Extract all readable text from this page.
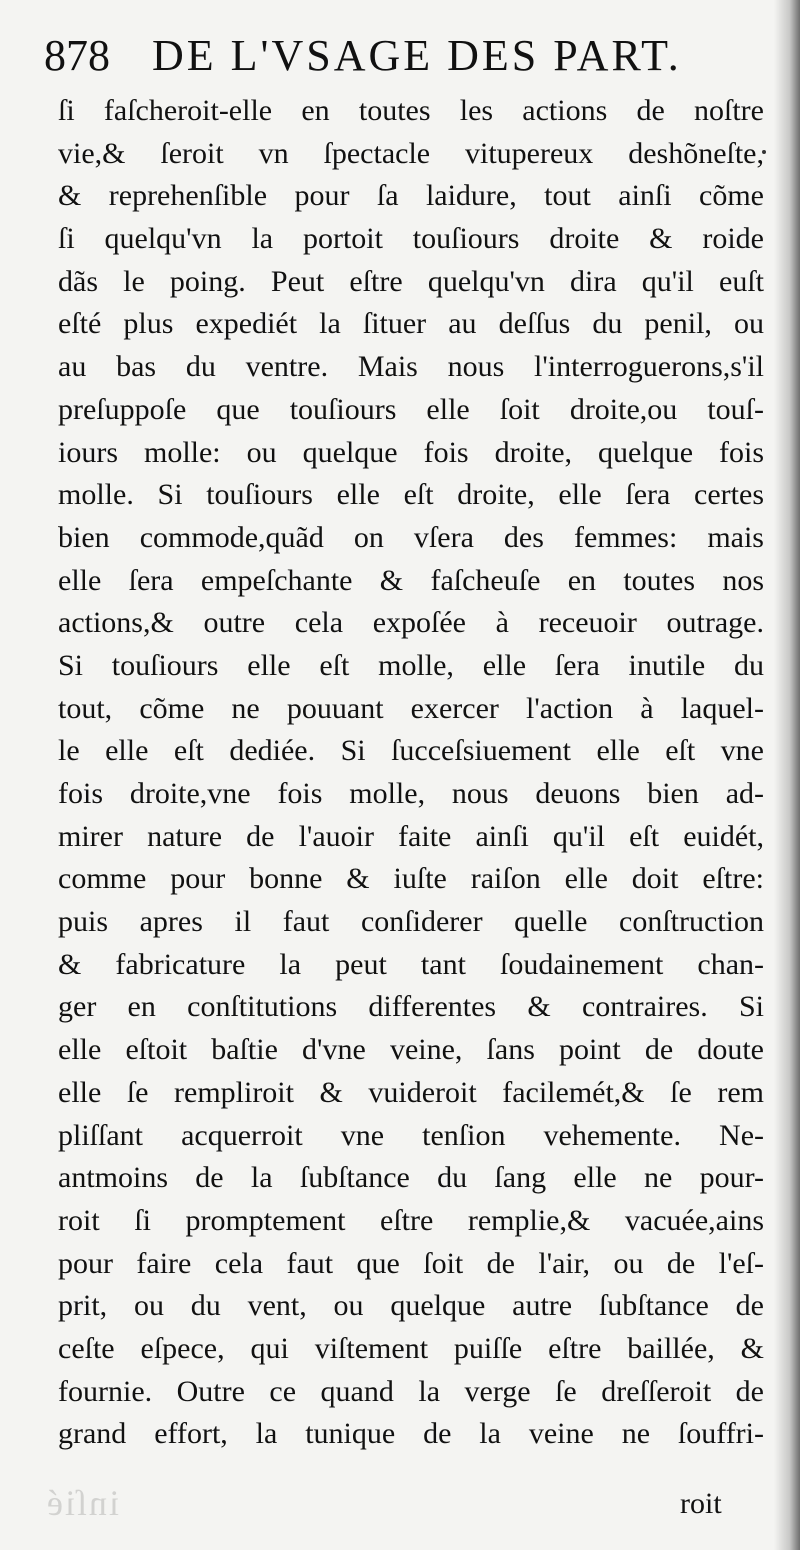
878 DE L'VSAGE DES PART.
ſi faſcheroit-elle en toutes les actions de noſtre
vie,& ſeroit vn ſpectacle vitupereux deshõneſte,
& reprehenſible pour ſa laidure, tout ainſi cõme
ſi quelqu'vn la portoit touſiours droite & roide
dãs le poing. Peut eſtre quelqu'vn dira qu'il euſt
eſté plus expediét la ſituer au deſſus du penil, ou
au bas du ventre. Mais nous l'interroguerons,s'il
preſuppoſe que touſiours elle ſoit droite,ou touſ-
iours molle: ou quelque fois droite, quelque fois
molle. Si touſiours elle eſt droite, elle ſera certes
bien commode,quãd on vſera des femmes: mais
elle ſera empeſchante & faſcheuſe en toutes nos
actions,& outre cela expoſée à receuoir outrage.
Si touſiours elle eſt molle, elle ſera inutile du
tout, cõme ne pouuant exercer l'action à laquel-
le elle eſt dediée. Si ſucceſsiuement elle eſt vne
fois droite,vne fois molle, nous deuons bien ad-
mirer nature de l'auoir faite ainſi qu'il eſt euidét,
comme pour bonne & iuſte raiſon elle doit eſtre:
puis apres il faut conſiderer quelle conſtruction
& fabricature la peut tant ſoudainement chan-
ger en conſtitutions differentes & contraires. Si
elle eſtoit baſtie d'vne veine, ſans point de doute
elle ſe rempliroit & vuideroit facilemét,& ſe rem
pliſſant acquerroit vne tenſion vehemente. Ne-
antmoins de la ſubſtance du ſang elle ne pour-
roit ſi promptement eſtre remplie,& vacuée,ains
pour faire cela faut que ſoit de l'air, ou de l'eſ-
prit, ou du vent, ou quelque autre ſubſtance de
ceſte eſpece, qui viſtement puiſſe eſtre baillée, &
fournie. Outre ce quand la verge ſe dreſſeroit de
grand effort, la tunique de la veine ne ſouffri-
inſié	roit
